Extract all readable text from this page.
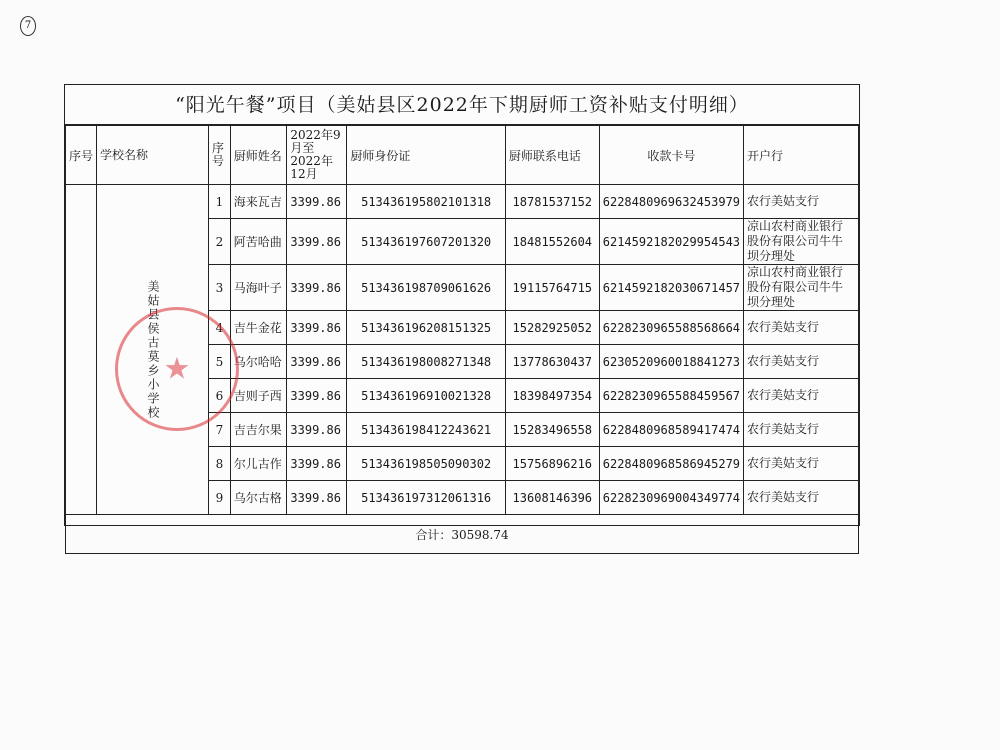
7
“阳光午餐”项目（美姑县区2022年下期厨师工资补贴支付明细）
序号	学校名称	序号	厨师姓名	2022年9月至2022年12月	厨师身份证	厨师联系电话	收款卡号	开户行

	美姑县侯古莫乡小学校	1	海来瓦吉	3399.86	513436195802101318	18781537152	6228480969632453979	农行美姑支行
		2	阿苦哈曲	3399.86	513436197607201320	18481552604	6214592182029954543	凉山农村商业银行股份有限公司牛牛坝分理处
		3	马海叶子	3399.86	513436198709061626	19115764715	6214592182030671457	凉山农村商业银行股份有限公司牛牛坝分理处
		4	吉牛金花	3399.86	513436196208151325	15282925052	6228230965588568664	农行美姑支行
		5	乌尔哈哈	3399.86	513436198008271348	13778630437	6230520960018841273	农行美姑支行
		6	吉则子西	3399.86	513436196910021328	18398497354	6228230965588459567	农行美姑支行
		7	吉吉尔果	3399.86	513436198412243621	15283496558	6228480968589417474	农行美姑支行
		8	尔儿古作	3399.86	513436198505090302	15756896216	6228480968586945279	农行美姑支行
		9	乌尔古格	3399.86	513436197312061316	13608146396	6228230969004349774	农行美姑支行
合计：30598.74								
★
